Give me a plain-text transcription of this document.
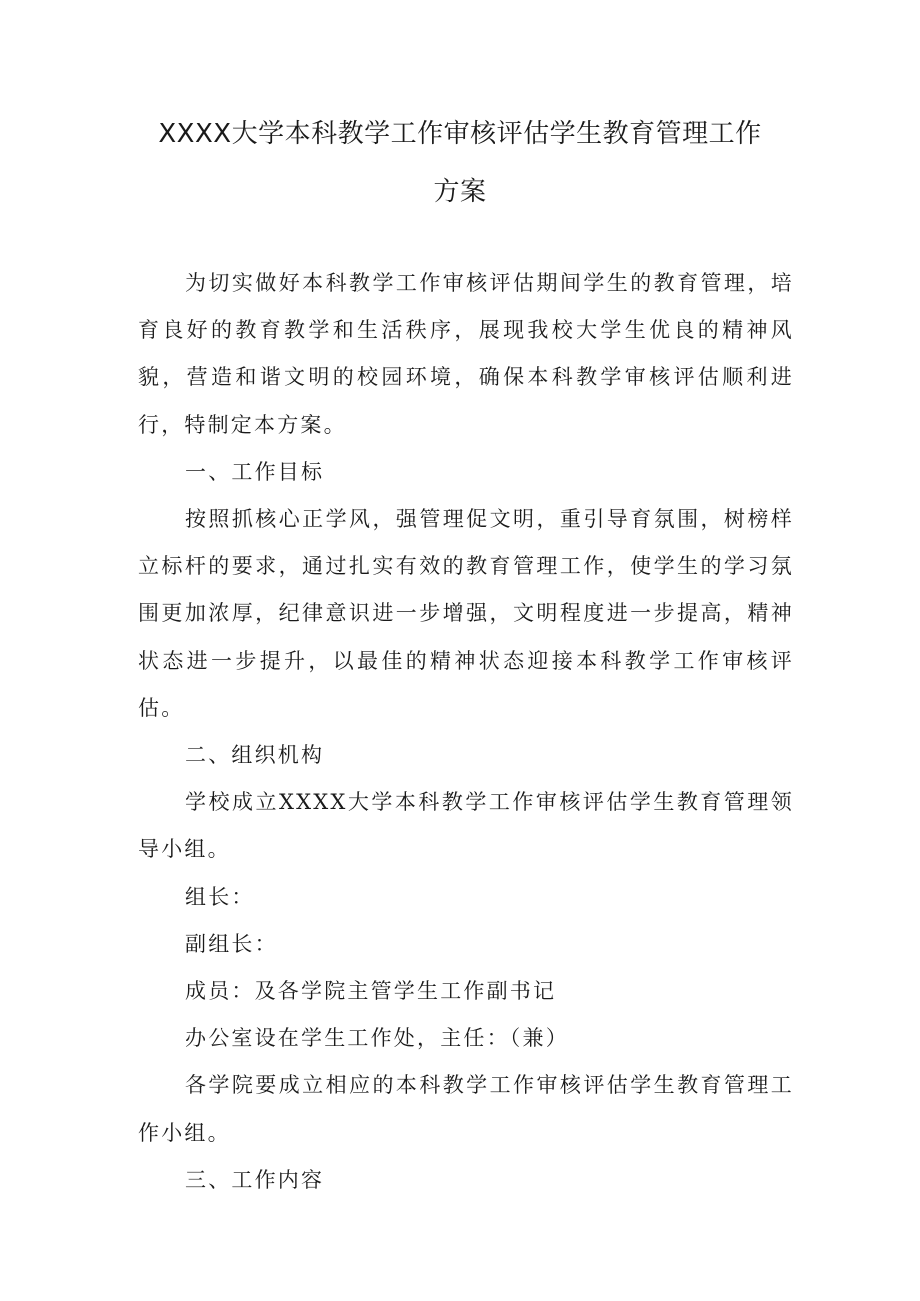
XXXX大学本科教学工作审核评估学生教育管理工作
方案

为切实做好本科教学工作审核评估期间学生的教育管理，培育良好的教育教学和生活秩序，展现我校大学生优良的精神风貌，营造和谐文明的校园环境，确保本科教学审核评估顺利进行，特制定本方案。

一、工作目标

按照抓核心正学风，强管理促文明，重引导育氛围，树榜样立标杆的要求，通过扎实有效的教育管理工作，使学生的学习氛围更加浓厚，纪律意识进一步增强，文明程度进一步提高，精神状态进一步提升，以最佳的精神状态迎接本科教学工作审核评估。

二、组织机构

学校成立XXXX大学本科教学工作审核评估学生教育管理领导小组。

组长：

副组长：

成员：及各学院主管学生工作副书记

办公室设在学生工作处，主任：（兼）

各学院要成立相应的本科教学工作审核评估学生教育管理工作小组。

三、工作内容
